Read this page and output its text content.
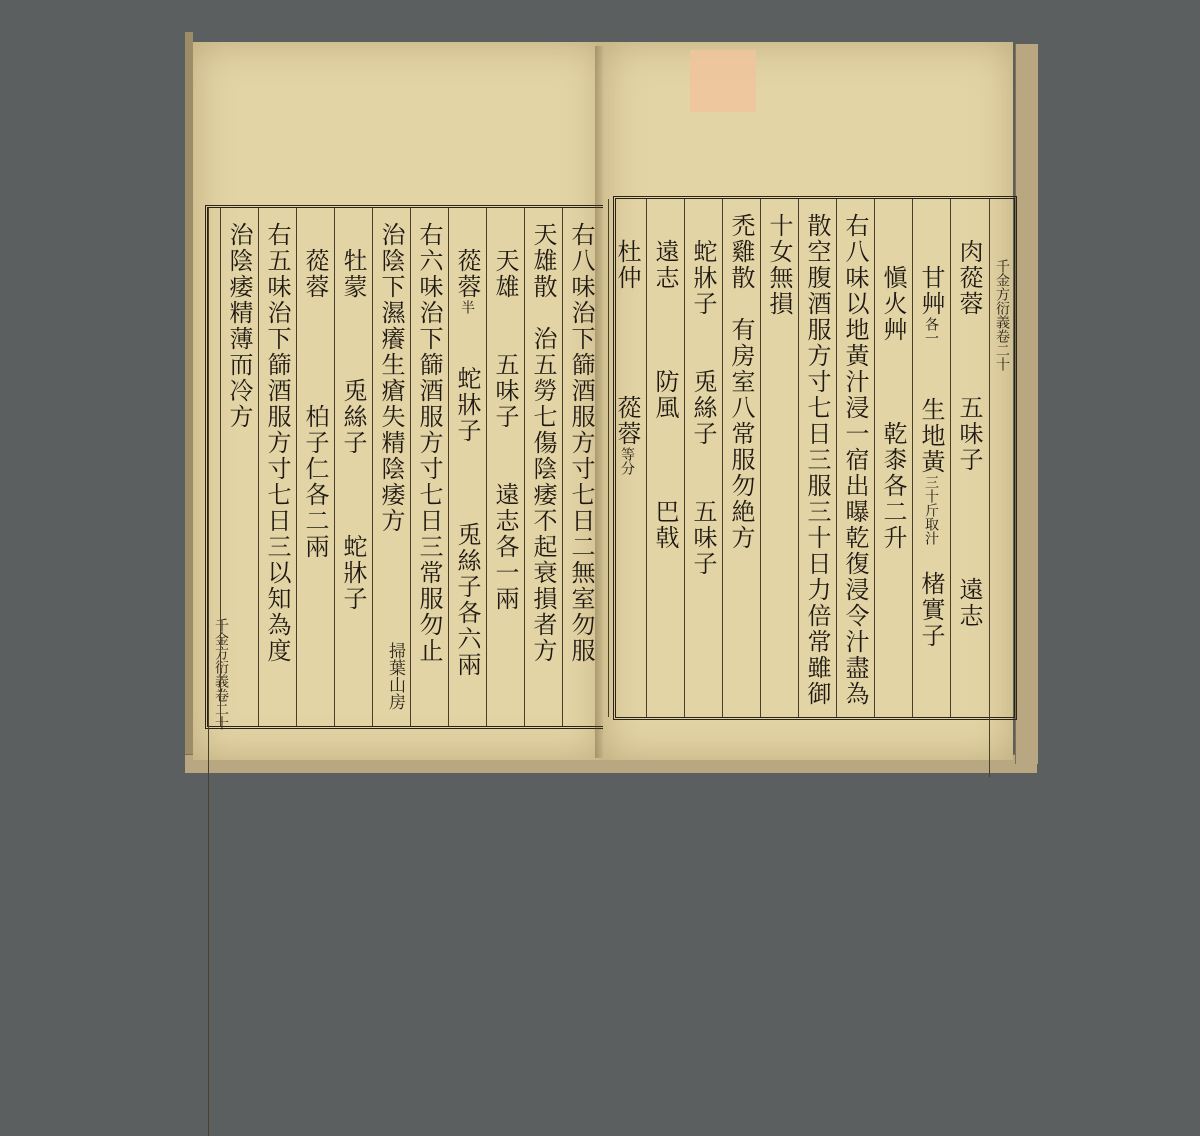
千金方衍義卷二十
右八味治下篩酒服方寸七日二無室勿服
天雄散　治五勞七傷陰痿不起衰損者方
　天雄　　五味子　　遠志各一兩
　蓯蓉半　　蛇牀子　　　兎絲子各六兩
右六味治下篩酒服方寸七日三常服勿止
治陰下濕癢生瘡失精陰痿方
　牡蒙　　　兎絲子　　　蛇牀子
　蓯蓉　　　　柏子仁各二兩
右五味治下篩酒服方寸七日三以知為度
治陰痿精薄而冷方
掃葉山房
千金方衍義卷二十
　肉蓯蓉　　　五味子　　　　遠志
　　甘艸各一　　生地黃三十斤取汁　楮實子
　　愼火艸　　　乾桼各二升
右八味以地黃汁浸一宿出曝乾復浸令汁盡為
散空腹酒服方寸七日三服三十日力倍常雖御
十女無損
禿雞散　有房室八常服勿絶方
　蛇牀子　　兎絲子　　五味子
　遠志　　　防風　　　巴戟
　杜仲　　　　蓯蓉等分
